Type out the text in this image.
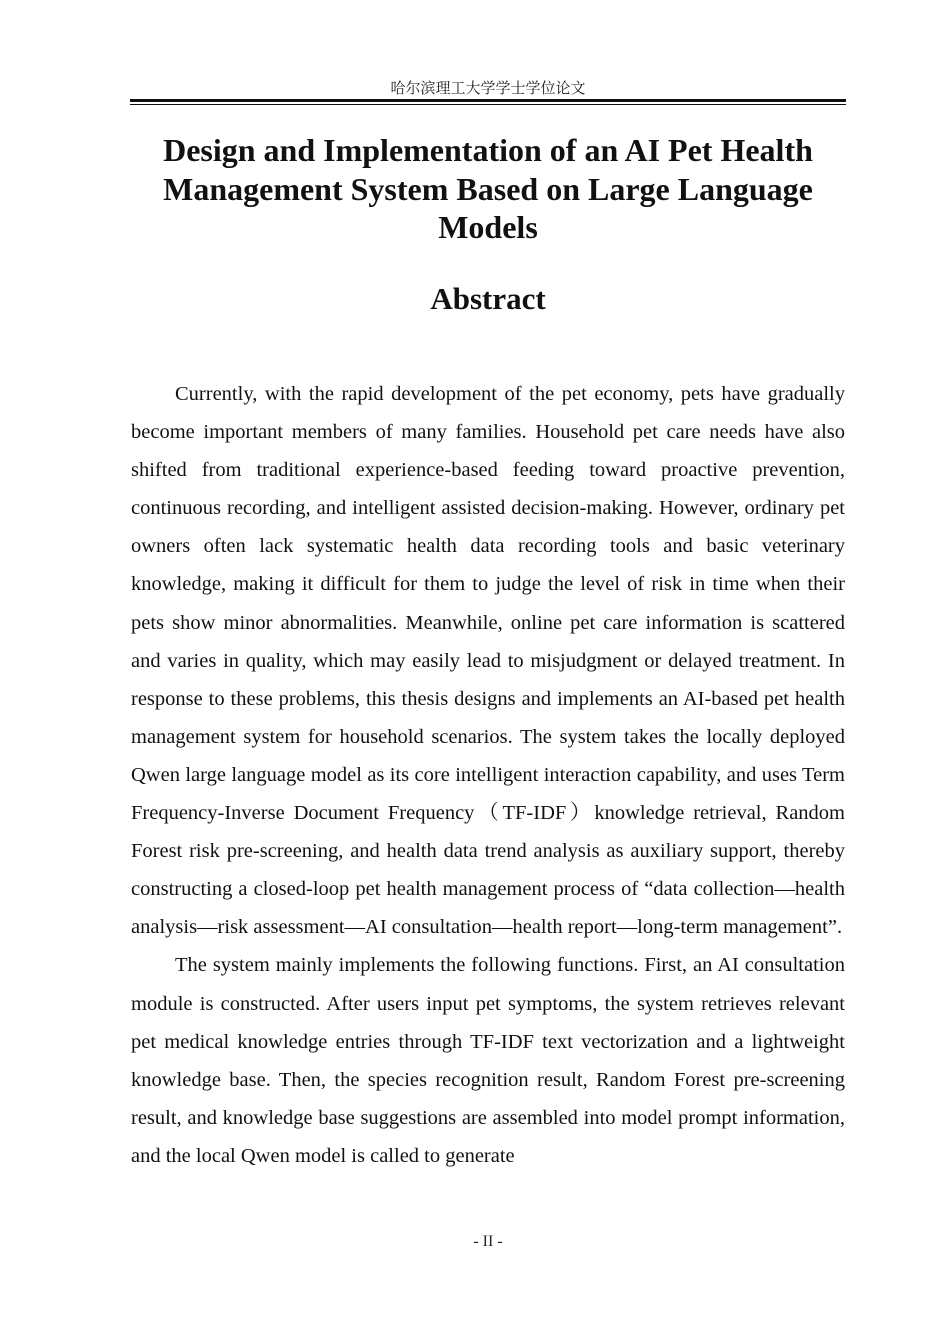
哈尔滨理工大学学士学位论文
Design and Implementation of an AI Pet Health Management System Based on Large Language Models
Abstract

Currently, with the rapid development of the pet economy, pets have gradually become important members of many families. Household pet care needs have also shifted from traditional experience-based feeding toward proactive prevention, continuous recording, and intelligent assisted decision-making. However, ordinary pet owners often lack systematic health data recording tools and basic veterinary knowledge, making it difficult for them to judge the level of risk in time when their pets show minor abnormalities. Meanwhile, online pet care information is scattered and varies in quality, which may easily lead to misjudgment or delayed treatment. In response to these problems, this thesis designs and implements an AI-based pet health management system for household scenarios. The system takes the locally deployed Qwen large language model as its core intelligent interaction capability, and uses Term Frequency-Inverse Document Frequency（TF-IDF）knowledge retrieval, Random Forest risk pre-screening, and health data trend analysis as auxiliary support, thereby constructing a closed-loop pet health management process of “data collection—health analysis—risk assessment—AI consultation—health report—long-term management”.

The system mainly implements the following functions. First, an AI consultation module is constructed. After users input pet symptoms, the system retrieves relevant pet medical knowledge entries through TF-IDF text vectorization and a lightweight knowledge base. Then, the species recognition result, Random Forest pre-screening result, and knowledge base suggestions are assembled into model prompt information, and the local Qwen model is called to generate

- II -
